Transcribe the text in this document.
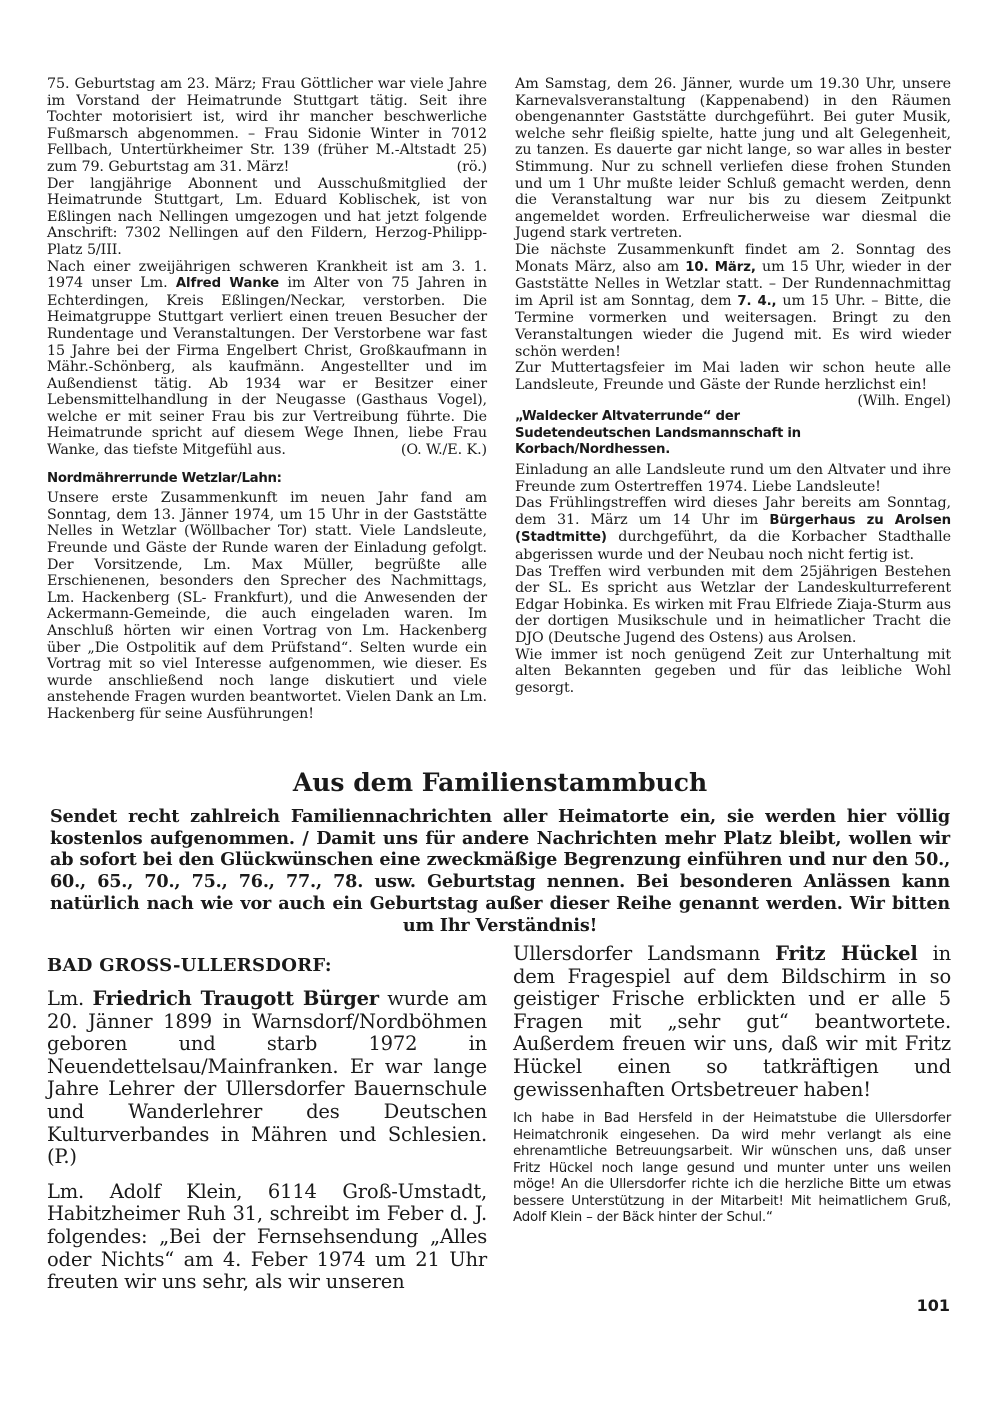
75. Geburtstag am 23. März; Frau Göttlicher war viele Jahre im Vorstand der Heimatrunde Stuttgart tätig. Seit ihre Tochter motorisiert ist, wird ihr mancher beschwerliche Fußmarsch abgenommen. – Frau Sidonie Winter in 7012 Fellbach, Untertürkheimer Str. 139 (früher M.-Altstadt 25) zum 79. Geburtstag am 31. März!	(rö.)

Der langjährige Abonnent und Ausschußmitglied der Heimatrunde Stuttgart, Lm. Eduard Koblischek, ist von Eßlingen nach Nellingen umgezogen und hat jetzt folgende Anschrift: 7302 Nellingen auf den Fildern, Herzog-Philipp-Platz 5/III.

Nach einer zweijährigen schweren Krankheit ist am 3. 1. 1974 unser Lm. Alfred Wanke im Alter von 75 Jahren in Echterdingen, Kreis Eßlingen/Neckar, verstorben. Die Heimatgruppe Stuttgart verliert einen treuen Besucher der Rundentage und Veranstaltungen. Der Verstorbene war fast 15 Jahre bei der Firma Engelbert Christ, Großkaufmann in Mähr.-Schönberg, als kaufmänn. Angestellter und im Außendienst tätig. Ab 1934 war er Besitzer einer Lebensmittelhandlung in der Neugasse (Gasthaus Vogel), welche er mit seiner Frau bis zur Vertreibung führte. Die Heimatrunde spricht auf diesem Wege Ihnen, liebe Frau Wanke, das tiefste Mitgefühl aus.	(O. W./E. K.)

Nordmährerrunde Wetzlar/Lahn:

Unsere erste Zusammenkunft im neuen Jahr fand am Sonntag, dem 13. Jänner 1974, um 15 Uhr in der Gaststätte Nelles in Wetzlar (Wöllbacher Tor) statt. Viele Landsleute, Freunde und Gäste der Runde waren der Einladung gefolgt. Der Vorsitzende, Lm. Max Müller, begrüßte alle Erschienenen, besonders den Sprecher des Nachmittags, Lm. Hackenberg (SL- Frankfurt), und die Anwesenden der Ackermann-Gemeinde, die auch eingeladen waren. Im Anschluß hörten wir einen Vortrag von Lm. Hackenberg über „Die Ostpolitik auf dem Prüfstand“. Selten wurde ein Vortrag mit so viel Interesse aufgenommen, wie dieser. Es wurde anschließend noch lange diskutiert und viele anstehende Fragen wurden beantwortet. Vielen Dank an Lm. Hackenberg für seine Ausführungen!

Am Samstag, dem 26. Jänner, wurde um 19.30 Uhr, unsere Karnevalsveranstaltung (Kappenabend) in den Räumen obengenannter Gaststätte durchgeführt. Bei guter Musik, welche sehr fleißig spielte, hatte jung und alt Gelegenheit, zu tanzen. Es dauerte gar nicht lange, so war alles in bester Stimmung. Nur zu schnell verliefen diese frohen Stunden und um 1 Uhr mußte leider Schluß gemacht werden, denn die Veranstaltung war nur bis zu diesem Zeitpunkt angemeldet worden. Erfreulicherweise war diesmal die Jugend stark vertreten.

Die nächste Zusammenkunft findet am 2. Sonntag des Monats März, also am 10. März, um 15 Uhr, wieder in der Gaststätte Nelles in Wetzlar statt. – Der Rundennachmittag im April ist am Sonntag, dem 7. 4., um 15 Uhr. – Bitte, die Termine vormerken und weitersagen. Bringt zu den Veranstaltungen wieder die Jugend mit. Es wird wieder schön werden!

Zur Muttertagsfeier im Mai laden wir schon heute alle Landsleute, Freunde und Gäste der Runde herzlichst ein!
(Wilh. Engel)

„Waldecker Altvaterrunde“ der Sudetendeutschen Landsmannschaft in Korbach/Nordhessen.

Einladung an alle Landsleute rund um den Altvater und ihre Freunde zum Ostertreffen 1974. Liebe Landsleute!

Das Frühlingstreffen wird dieses Jahr bereits am Sonntag, dem 31. März um 14 Uhr im Bürgerhaus zu Arolsen (Stadtmitte) durchgeführt, da die Korbacher Stadthalle abgerissen wurde und der Neubau noch nicht fertig ist.

Das Treffen wird verbunden mit dem 25jährigen Bestehen der SL. Es spricht aus Wetzlar der Landeskulturreferent Edgar Hobinka. Es wirken mit Frau Elfriede Ziaja-Sturm aus der dortigen Musikschule und in heimatlicher Tracht die DJO (Deutsche Jugend des Ostens) aus Arolsen.

Wie immer ist noch genügend Zeit zur Unterhaltung mit alten Bekannten gegeben und für das leibliche Wohl gesorgt.

Aus dem Familienstammbuch

Sendet recht zahlreich Familiennachrichten aller Heimatorte ein, sie werden hier völlig kostenlos aufgenommen. / Damit uns für andere Nachrichten mehr Platz bleibt, wollen wir ab sofort bei den Glückwünschen eine zweckmäßige Begrenzung einführen und nur den 50., 60., 65., 70., 75., 76., 77., 78. usw. Geburtstag nennen. Bei besonderen Anlässen kann natürlich nach wie vor auch ein Geburtstag außer dieser Reihe genannt werden. Wir bitten um Ihr Verständnis!

BAD GROSS-ULLERSDORF:

Lm. Friedrich Traugott Bürger wurde am 20. Jänner 1899 in Warnsdorf/Nordböhmen geboren und starb 1972 in Neuendettelsau/Mainfranken. Er war lange Jahre Lehrer der Ullersdorfer Bauernschule und Wanderlehrer des Deutschen Kulturverbandes in Mähren und Schlesien. (P.)

Lm. Adolf Klein, 6114 Groß-Umstadt, Habitzheimer Ruh 31, schreibt im Feber d. J. folgendes: „Bei der Fernsehsendung „Alles oder Nichts“ am 4. Feber 1974 um 21 Uhr freuten wir uns sehr, als wir unseren

Ullersdorfer Landsmann Fritz Hückel in dem Fragespiel auf dem Bildschirm in so geistiger Frische erblickten und er alle 5 Fragen mit „sehr gut“ beantwortete. Außerdem freuen wir uns, daß wir mit Fritz Hückel einen so tatkräftigen und gewissenhaften Ortsbetreuer haben!

Ich habe in Bad Hersfeld in der Heimatstube die Ullersdorfer Heimatchronik eingesehen. Da wird mehr verlangt als eine ehrenamtliche Betreuungsarbeit. Wir wünschen uns, daß unser Fritz Hückel noch lange gesund und munter unter uns weilen möge! An die Ullersdorfer richte ich die herzliche Bitte um etwas bessere Unterstützung in der Mitarbeit! Mit heimatlichem Gruß, Adolf Klein – der Bäck hinter der Schul.“

101
